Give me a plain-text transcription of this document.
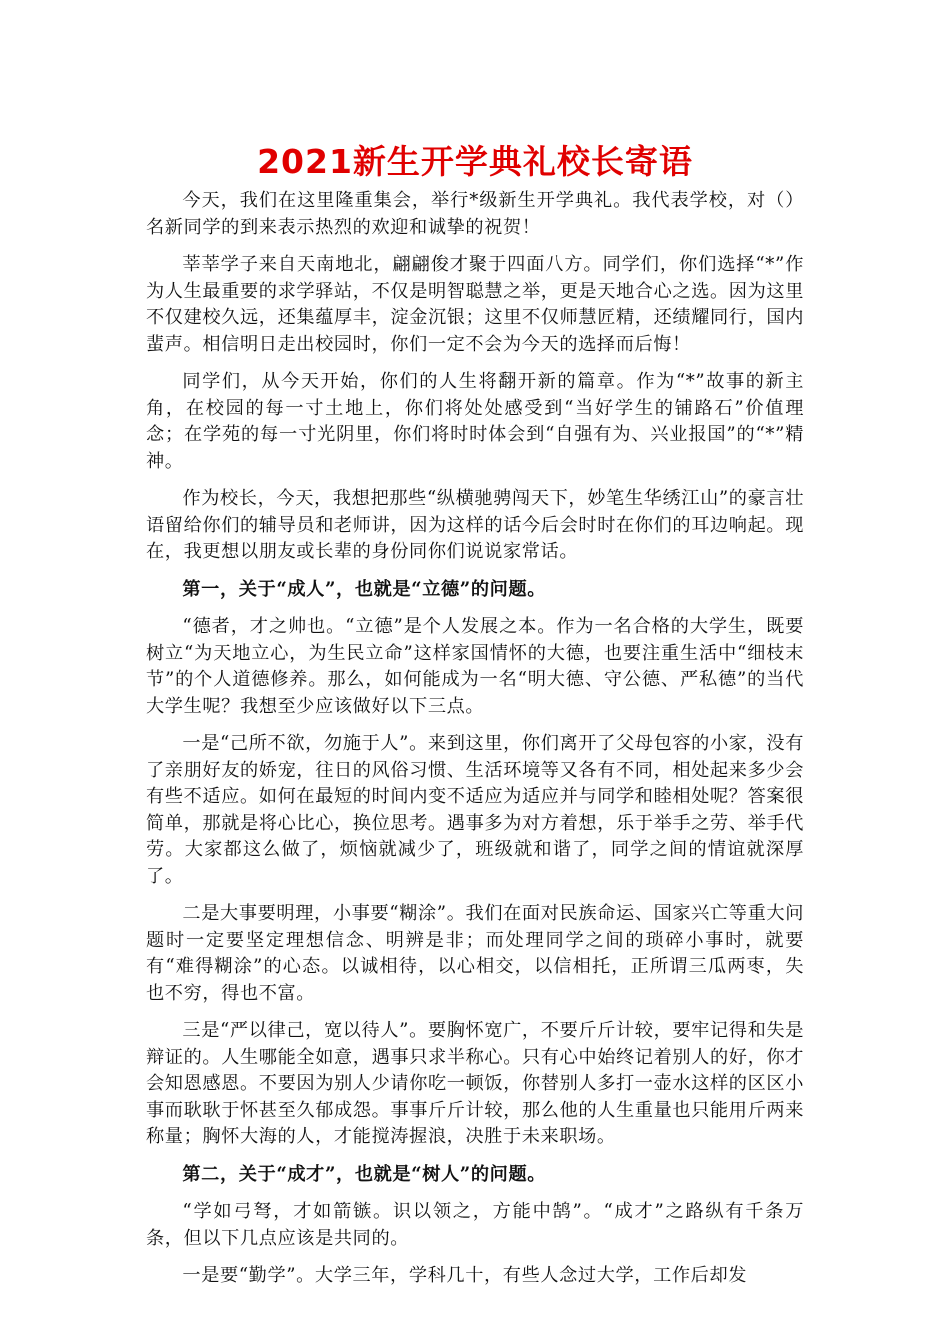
2021新生开学典礼校长寄语

今天，我们在这里隆重集会，举行*级新生开学典礼。我代表学校，对（）名新同学的到来表示热烈的欢迎和诚挚的祝贺！

莘莘学子来自天南地北，翩翩俊才聚于四面八方。同学们，你们选择“*”作为人生最重要的求学驿站，不仅是明智聪慧之举，更是天地合心之选。因为这里不仅建校久远，还集蕴厚丰，淀金沉银；这里不仅师慧匠精，还绩耀同行，国内蜚声。相信明日走出校园时，你们一定不会为今天的选择而后悔！

同学们，从今天开始，你们的人生将翻开新的篇章。作为“*”故事的新主角，在校园的每一寸土地上，你们将处处感受到“当好学生的铺路石”价值理念；在学苑的每一寸光阴里，你们将时时体会到“自强有为、兴业报国”的“*”精神。

作为校长，今天，我想把那些“纵横驰骋闯天下，妙笔生华绣江山”的豪言壮语留给你们的辅导员和老师讲，因为这样的话今后会时时在你们的耳边响起。现在，我更想以朋友或长辈的身份同你们说说家常话。

第一，关于“成人”，也就是“立德”的问题。

“德者，才之帅也。“立德”是个人发展之本。作为一名合格的大学生，既要树立“为天地立心，为生民立命”这样家国情怀的大德，也要注重生活中“细枝末节”的个人道德修养。那么，如何能成为一名“明大德、守公德、严私德”的当代大学生呢？我想至少应该做好以下三点。

一是“己所不欲，勿施于人”。来到这里，你们离开了父母包容的小家，没有了亲朋好友的娇宠，往日的风俗习惯、生活环境等又各有不同，相处起来多少会有些不适应。如何在最短的时间内变不适应为适应并与同学和睦相处呢？答案很简单，那就是将心比心，换位思考。遇事多为对方着想，乐于举手之劳、举手代劳。大家都这么做了，烦恼就减少了，班级就和谐了，同学之间的情谊就深厚了。

二是大事要明理，小事要“糊涂”。我们在面对民族命运、国家兴亡等重大问题时一定要坚定理想信念、明辨是非；而处理同学之间的琐碎小事时，就要有“难得糊涂”的心态。以诚相待，以心相交，以信相托，正所谓三瓜两枣，失也不穷，得也不富。

三是“严以律己，宽以待人”。要胸怀宽广，不要斤斤计较，要牢记得和失是辩证的。人生哪能全如意，遇事只求半称心。只有心中始终记着别人的好，你才会知恩感恩。不要因为别人少请你吃一顿饭，你替别人多打一壶水这样的区区小事而耿耿于怀甚至久郁成怨。事事斤斤计较，那么他的人生重量也只能用斤两来称量；胸怀大海的人，才能搅涛握浪，决胜于未来职场。

第二，关于“成才”，也就是“树人”的问题。

“学如弓弩，才如箭镞。识以领之，方能中鹄”。“成才”之路纵有千条万条，但以下几点应该是共同的。

一是要“勤学”。大学三年，学科几十，有些人念过大学，工作后却发
